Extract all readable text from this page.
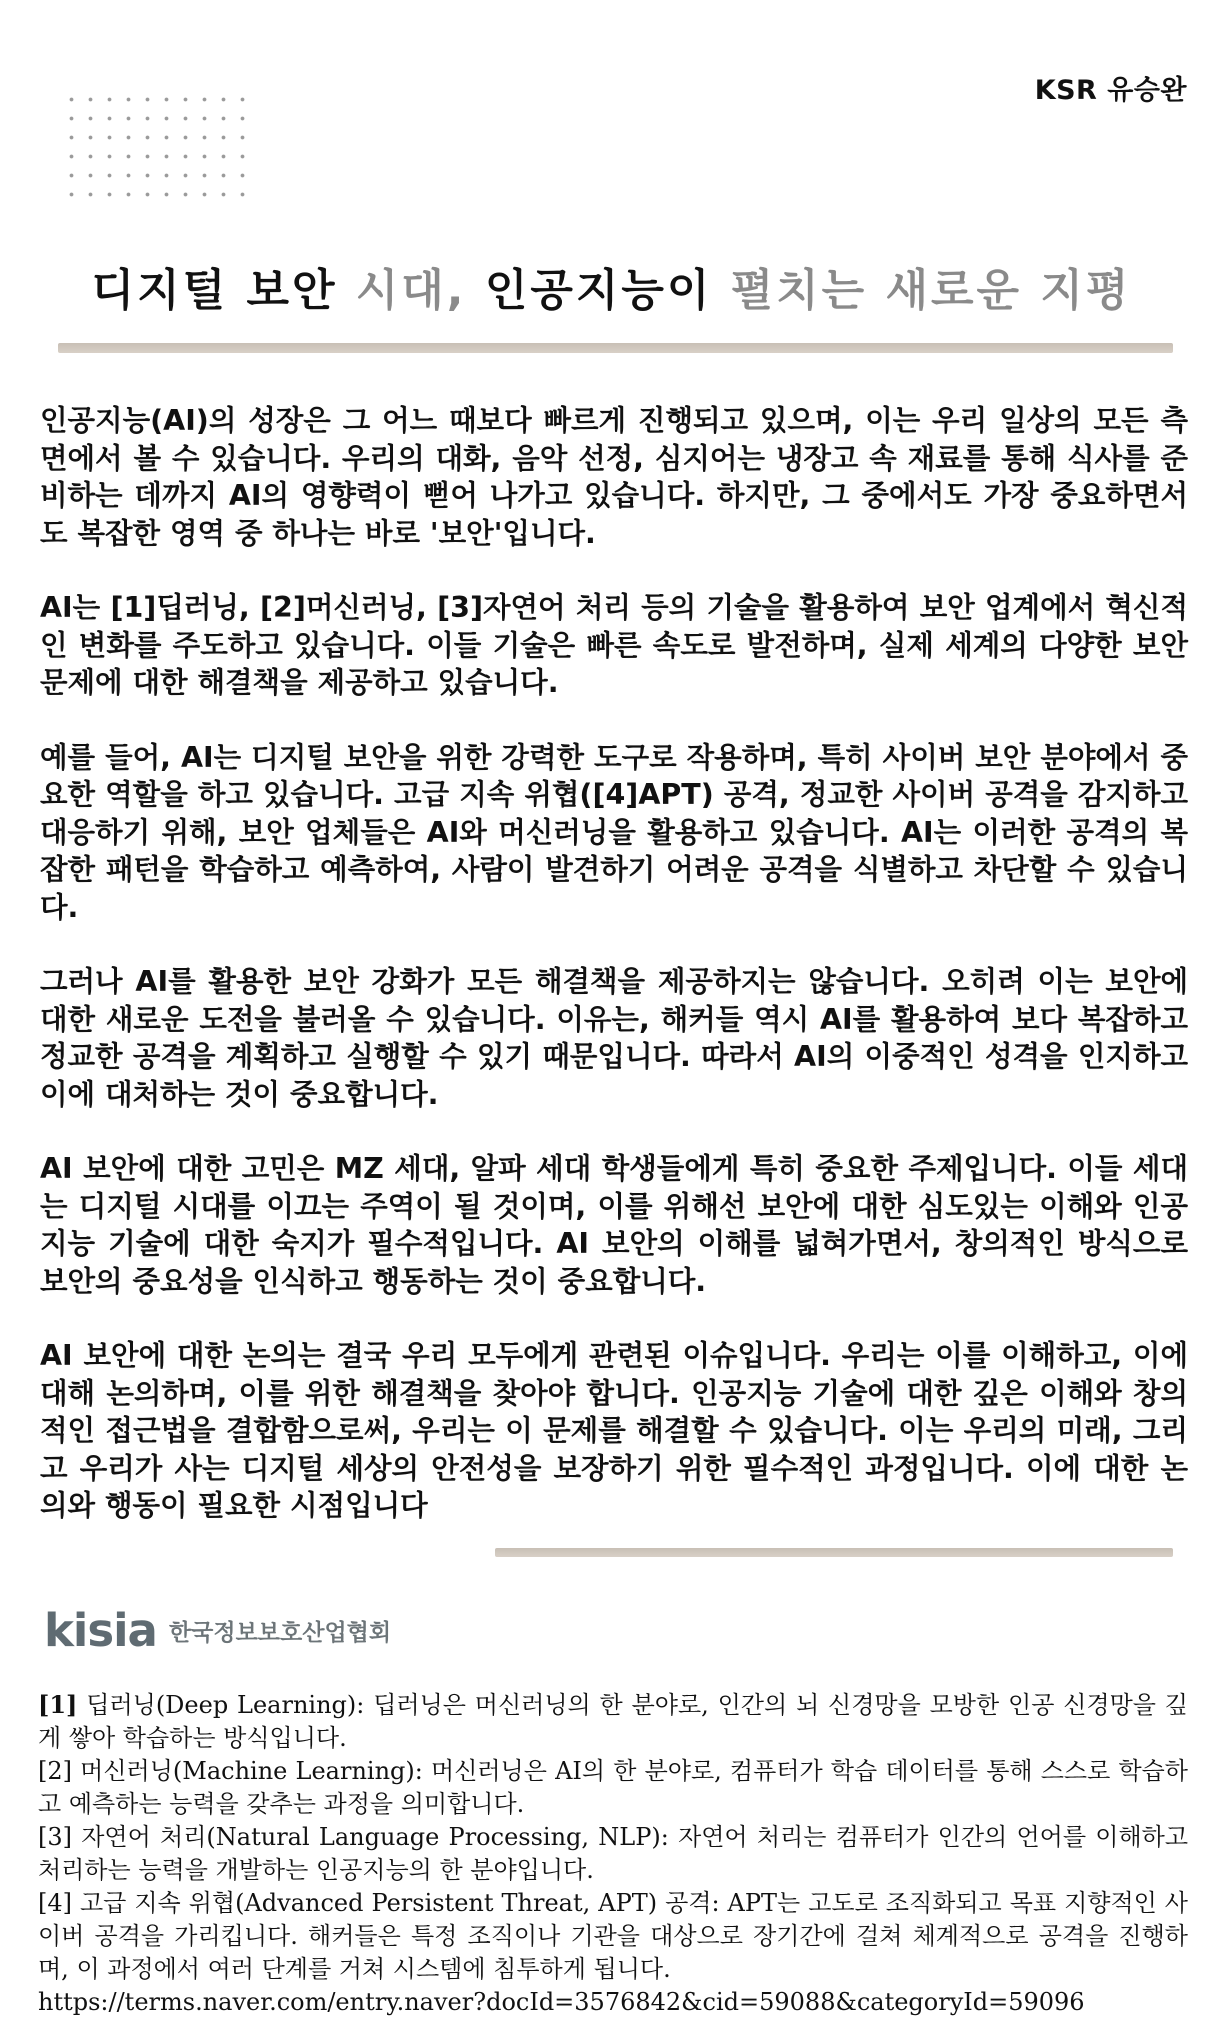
KSR 유승완
디지털 보안 시대, 인공지능이 펼치는 새로운 지평

인공지능(AI)의 성장은 그 어느 때보다 빠르게 진행되고 있으며, 이는 우리 일상의 모든 측면에서 볼 수 있습니다. 우리의 대화, 음악 선정, 심지어는 냉장고 속 재료를 통해 식사를 준비하는 데까지 AI의 영향력이 뻗어 나가고 있습니다. 하지만, 그 중에서도 가장 중요하면서도 복잡한 영역 중 하나는 바로 '보안'입니다.

AI는 [1]딥러닝, [2]머신러닝, [3]자연어 처리 등의 기술을 활용하여 보안 업계에서 혁신적인 변화를 주도하고 있습니다. 이들 기술은 빠른 속도로 발전하며, 실제 세계의 다양한 보안 문제에 대한 해결책을 제공하고 있습니다.

예를 들어, AI는 디지털 보안을 위한 강력한 도구로 작용하며, 특히 사이버 보안 분야에서 중요한 역할을 하고 있습니다. 고급 지속 위협([4]APT) 공격, 정교한 사이버 공격을 감지하고 대응하기 위해, 보안 업체들은 AI와 머신러닝을 활용하고 있습니다. AI는 이러한 공격의 복잡한 패턴을 학습하고 예측하여, 사람이 발견하기 어려운 공격을 식별하고 차단할 수 있습니다.

그러나 AI를 활용한 보안 강화가 모든 해결책을 제공하지는 않습니다. 오히려 이는 보안에 대한 새로운 도전을 불러올 수 있습니다. 이유는, 해커들 역시 AI를 활용하여 보다 복잡하고 정교한 공격을 계획하고 실행할 수 있기 때문입니다. 따라서 AI의 이중적인 성격을 인지하고 이에 대처하는 것이 중요합니다.

AI 보안에 대한 고민은 MZ 세대, 알파 세대 학생들에게 특히 중요한 주제입니다. 이들 세대는 디지털 시대를 이끄는 주역이 될 것이며, 이를 위해선 보안에 대한 심도있는 이해와 인공지능 기술에 대한 숙지가 필수적입니다. AI 보안의 이해를 넓혀가면서, 창의적인 방식으로 보안의 중요성을 인식하고 행동하는 것이 중요합니다.

AI 보안에 대한 논의는 결국 우리 모두에게 관련된 이슈입니다. 우리는 이를 이해하고, 이에 대해 논의하며, 이를 위한 해결책을 찾아야 합니다. 인공지능 기술에 대한 깊은 이해와 창의적인 접근법을 결합함으로써, 우리는 이 문제를 해결할 수 있습니다. 이는 우리의 미래, 그리고 우리가 사는 디지털 세상의 안전성을 보장하기 위한 필수적인 과정입니다. 이에 대한 논의와 행동이 필요한 시점입니다

kisia 한국정보보호산업협회

[1] 딥러닝(Deep Learning): 딥러닝은 머신러닝의 한 분야로, 인간의 뇌 신경망을 모방한 인공 신경망을 깊게 쌓아 학습하는 방식입니다.

[2] 머신러닝(Machine Learning): 머신러닝은 AI의 한 분야로, 컴퓨터가 학습 데이터를 통해 스스로 학습하고 예측하는 능력을 갖추는 과정을 의미합니다.

[3] 자연어 처리(Natural Language Processing, NLP): 자연어 처리는 컴퓨터가 인간의 언어를 이해하고 처리하는 능력을 개발하는 인공지능의 한 분야입니다.

[4] 고급 지속 위협(Advanced Persistent Threat, APT) 공격: APT는 고도로 조직화되고 목표 지향적인 사이버 공격을 가리킵니다. 해커들은 특정 조직이나 기관을 대상으로 장기간에 걸쳐 체계적으로 공격을 진행하며, 이 과정에서 여러 단계를 거쳐 시스템에 침투하게 됩니다.

https://terms.naver.com/entry.naver?docId=3576842&cid=59088&categoryId=59096
